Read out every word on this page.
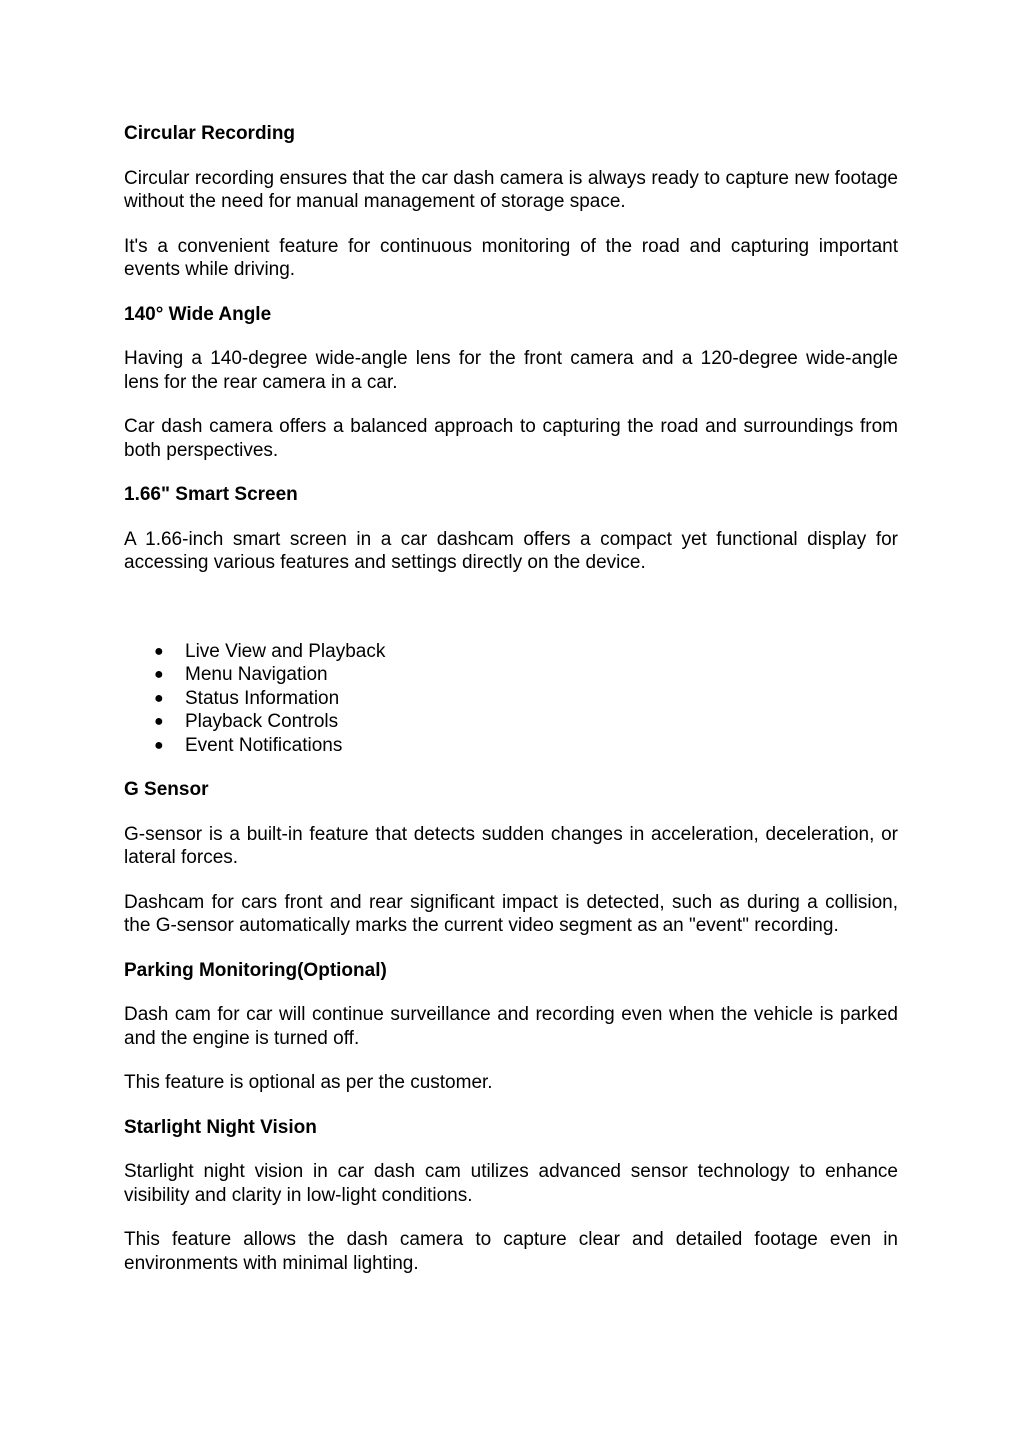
Circular Recording

Circular recording ensures that the car dash camera is always ready to capture new footage without the need for manual management of storage space.

It's a convenient feature for continuous monitoring of the road and capturing important events while driving.

140° Wide Angle

Having a 140-degree wide-angle lens for the front camera and a 120-degree wide-angle lens for the rear camera in a car.

Car dash camera offers a balanced approach to capturing the road and surroundings from both perspectives.

1.66" Smart Screen

A 1.66-inch smart screen in a car dashcam offers a compact yet functional display for accessing various features and settings directly on the device.

● Live View and Playback
● Menu Navigation
● Status Information
● Playback Controls
● Event Notifications
G Sensor

G-sensor is a built-in feature that detects sudden changes in acceleration, deceleration, or lateral forces.

Dashcam for cars front and rear significant impact is detected, such as during a collision, the G-sensor automatically marks the current video segment as an "event" recording.

Parking Monitoring(Optional)

Dash cam for car will continue surveillance and recording even when the vehicle is parked and the engine is turned off.

This feature is optional as per the customer.

Starlight Night Vision

Starlight night vision in car dash cam utilizes advanced sensor technology to enhance visibility and clarity in low-light conditions.

This feature allows the dash camera to capture clear and detailed footage even in environments with minimal lighting.
